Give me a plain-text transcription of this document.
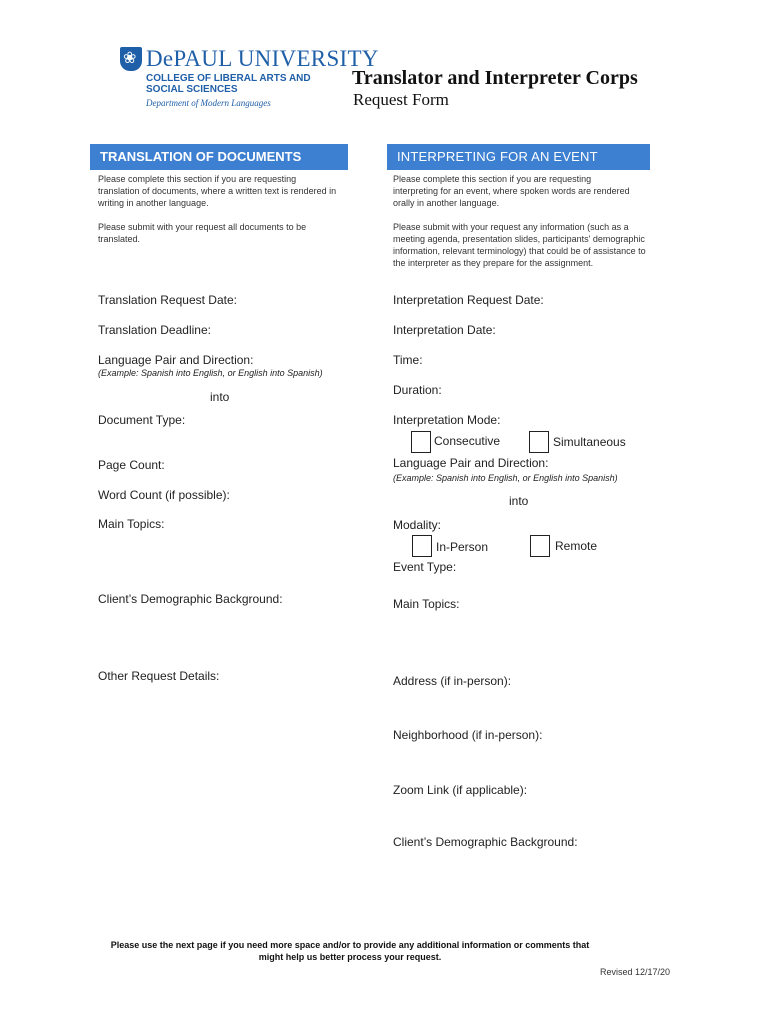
❀
DePAUL UNIVERSITY
COLLEGE OF LIBERAL ARTS AND SOCIAL SCIENCES
Department of Modern Languages
Translator and Interpreter Corps
Request Form
TRANSLATION OF DOCUMENTS
Please complete this section if you are requesting translation of documents, where a written text is rendered in writing in another language.
Please submit with your request all documents to be translated.
Translation Request Date:
Translation Deadline:
Language Pair and Direction:
(Example: Spanish into English, or English into Spanish)
into
Document Type:
Page Count:
Word Count (if possible):
Main Topics:
Client’s Demographic Background:
Other Request Details:
INTERPRETING FOR AN EVENT
Please complete this section if you are requesting interpreting for an event, where spoken words are rendered orally in another language.
Please submit with your request any information (such as a meeting agenda, presentation slides, participants' demographic information, relevant terminology) that could be of assistance to the interpreter as they prepare for the assignment.
Interpretation Request Date:
Interpretation Date:
Time:
Duration:
Interpretation Mode:
Consecutive	Simultaneous
Language Pair and Direction:
(Example: Spanish into English, or English into Spanish)
into
Modality:
In-Person	Remote
Event Type:
Main Topics:
Address (if in-person):
Neighborhood (if in-person):
Zoom Link (if applicable):
Client’s Demographic Background:
Please use the next page if you need more space and/or to provide any additional information or comments that might help us better process your request.
Revised 12/17/20
